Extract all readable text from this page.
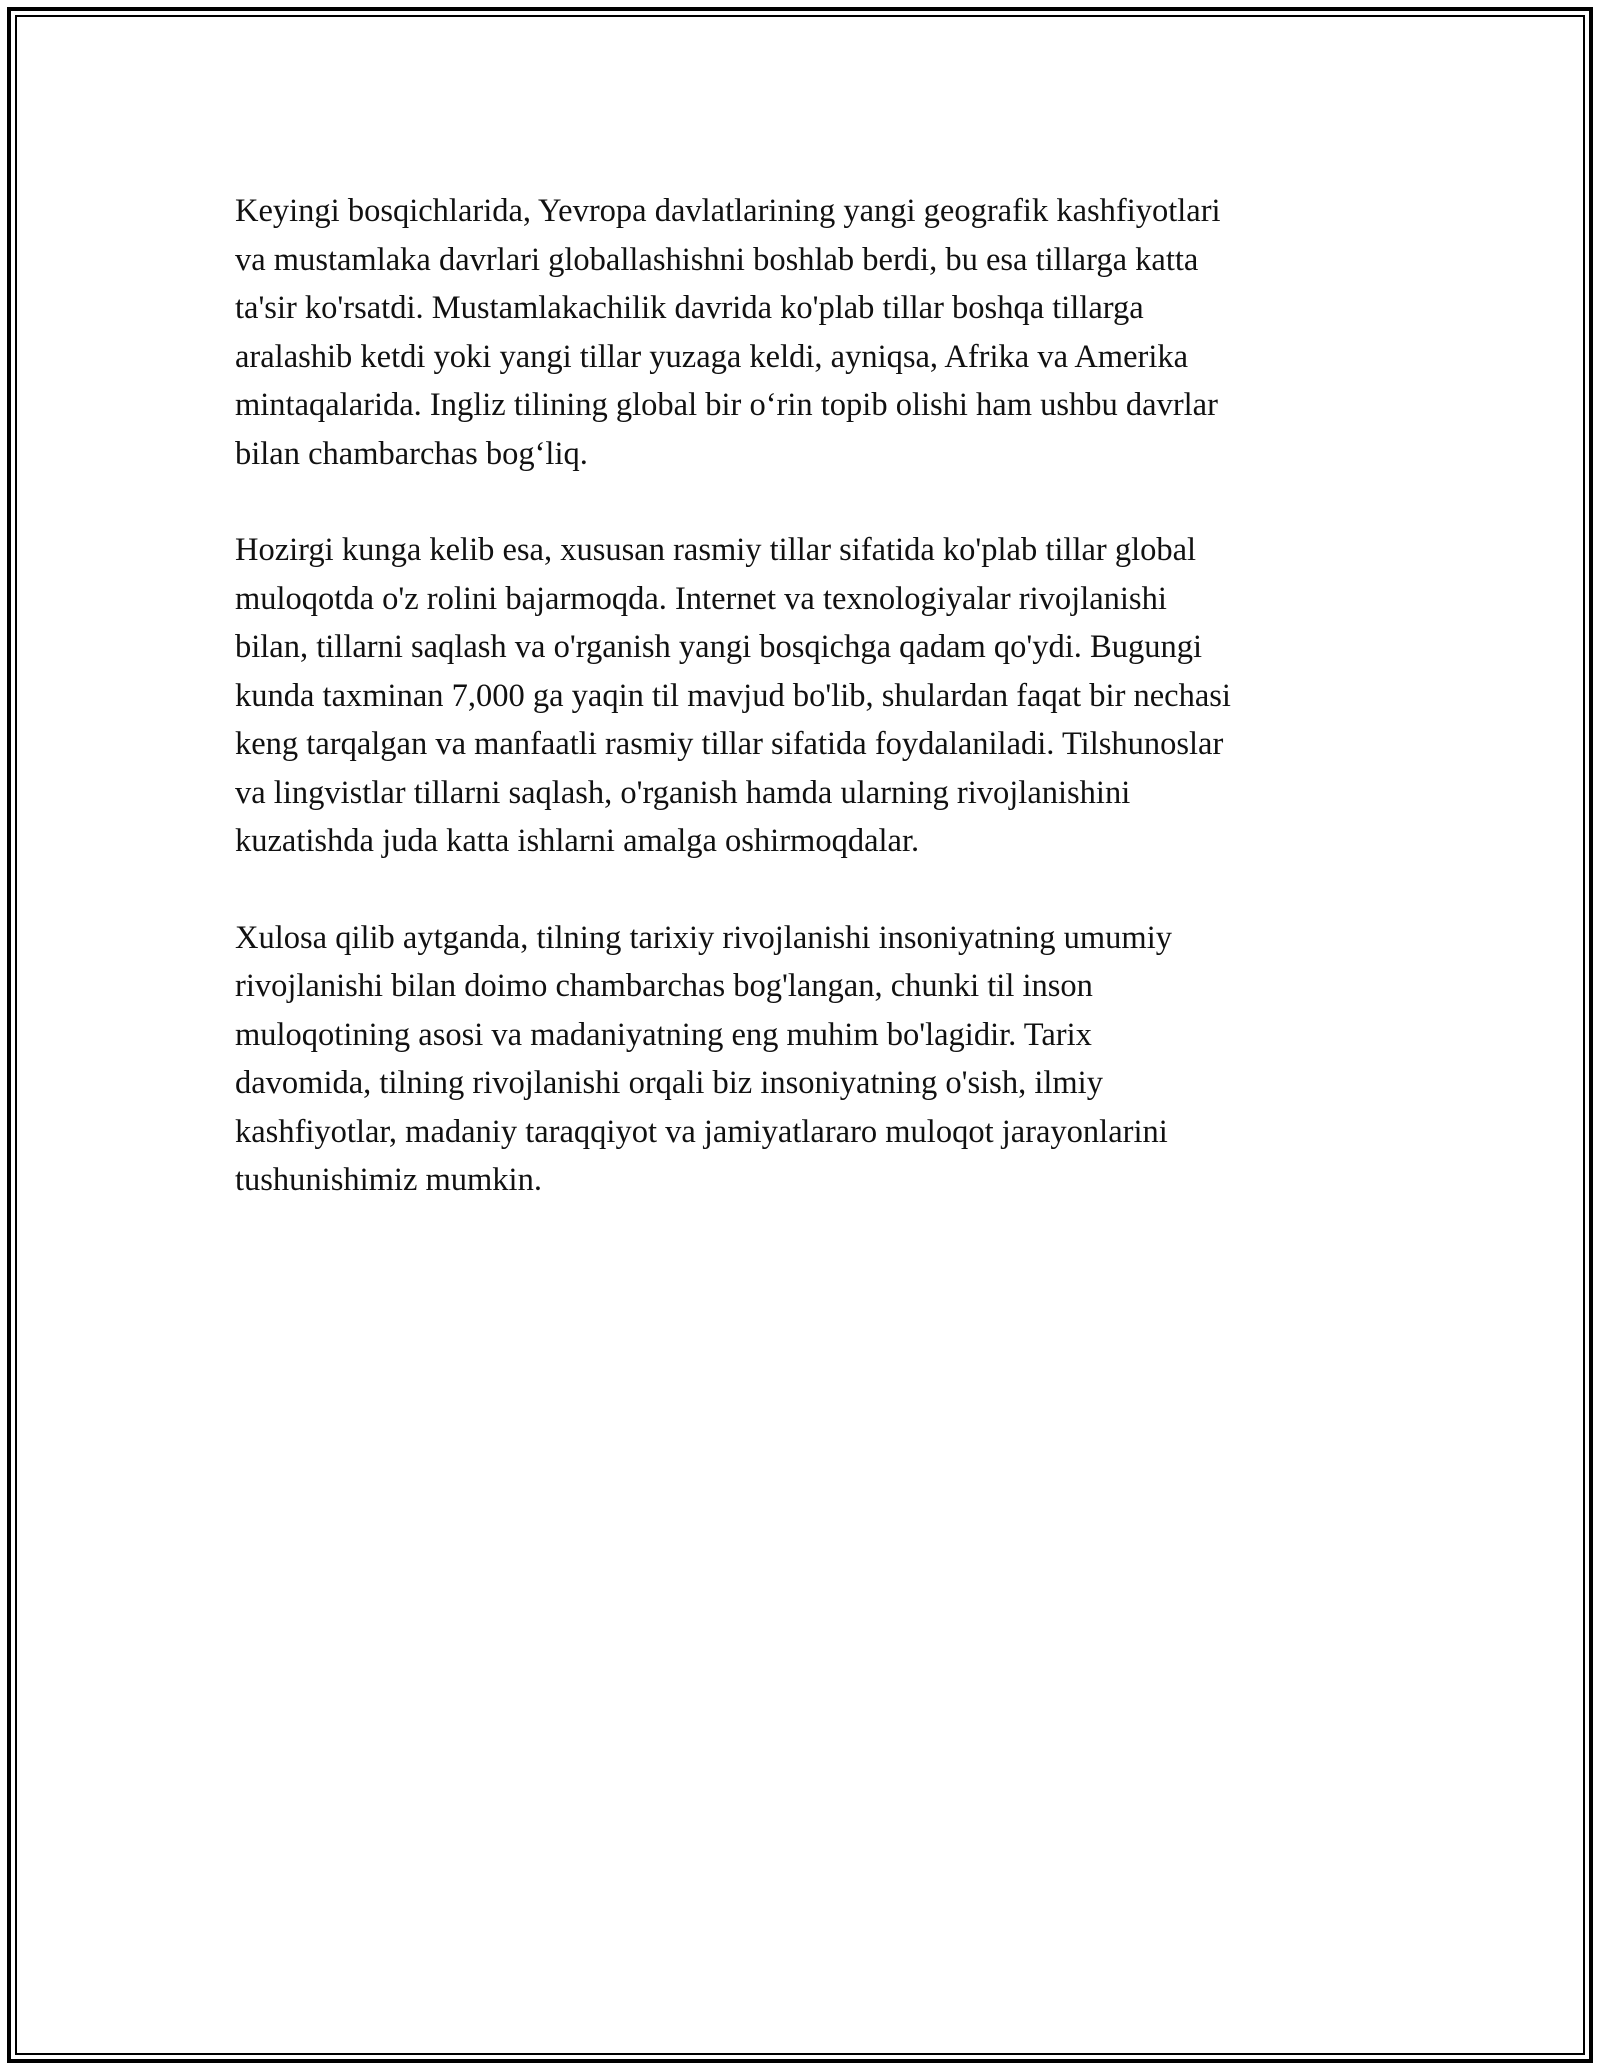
Keyingi bosqichlarida, Yevropa davlatlarining yangi geografik kashfiyotlari
va mustamlaka davrlari globallashishni boshlab berdi, bu esa tillarga katta
ta'sir ko'rsatdi. Mustamlakachilik davrida ko'plab tillar boshqa tillarga
aralashib ketdi yoki yangi tillar yuzaga keldi, ayniqsa, Afrika va Amerika
mintaqalarida. Ingliz tilining global bir o‘rin topib olishi ham ushbu davrlar
bilan chambarchas bog‘liq.

Hozirgi kunga kelib esa, xususan rasmiy tillar sifatida ko'plab tillar global
muloqotda o'z rolini bajarmoqda. Internet va texnologiyalar rivojlanishi
bilan, tillarni saqlash va o'rganish yangi bosqichga qadam qo'ydi. Bugungi
kunda taxminan 7,000 ga yaqin til mavjud bo'lib, shulardan faqat bir nechasi
keng tarqalgan va manfaatli rasmiy tillar sifatida foydalaniladi. Tilshunoslar
va lingvistlar tillarni saqlash, o'rganish hamda ularning rivojlanishini
kuzatishda juda katta ishlarni amalga oshirmoqdalar.

Xulosa qilib aytganda, tilning tarixiy rivojlanishi insoniyatning umumiy
rivojlanishi bilan doimo chambarchas bog'langan, chunki til inson
muloqotining asosi va madaniyatning eng muhim bo'lagidir. Tarix
davomida, tilning rivojlanishi orqali biz insoniyatning o'sish, ilmiy
kashfiyotlar, madaniy taraqqiyot va jamiyatlararo muloqot jarayonlarini
tushunishimiz mumkin.
